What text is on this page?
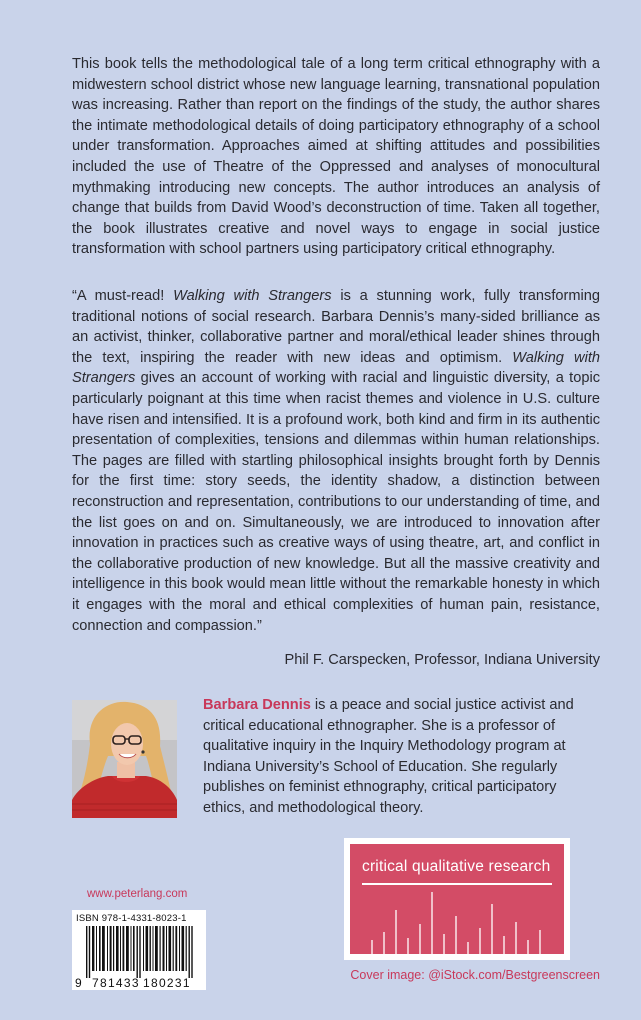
This book tells the methodological tale of a long term critical ethnography with a midwestern school district whose new language learning, transnational population was increasing. Rather than report on the findings of the study, the author shares the intimate methodological details of doing participatory ethnography of a school under transformation. Approaches aimed at shifting attitudes and possibilities included the use of Theatre of the Oppressed and analyses of monocultural mythmaking introducing new concepts. The author introduces an analysis of change that builds from David Wood’s deconstruction of time. Taken all together, the book illustrates creative and novel ways to engage in social justice transformation with school partners using participatory critical ethnography.

“A must-read! Walking with Strangers is a stunning work, fully transforming traditional notions of social research. Barbara Dennis’s many-sided brilliance as an activist, thinker, collaborative partner and moral/ethical leader shines through the text, inspiring the reader with new ideas and optimism. Walking with Strangers gives an account of working with racial and linguistic diversity, a topic particularly poignant at this time when racist themes and violence in U.S. culture have risen and intensified. It is a profound work, both kind and firm in its authentic presentation of complexities, tensions and dilemmas within human relationships. The pages are filled with startling philosophical insights brought forth by Dennis for the first time: story seeds, the identity shadow, a distinction between reconstruction and representation, contributions to our understanding of time, and the list goes on and on. Simultaneously, we are introduced to innovation after innovation in practices such as creative ways of using theatre, art, and conflict in the collaborative production of new knowledge. But all the massive creativity and intelligence in this book would mean little without the remarkable honesty in which it engages with the moral and ethical complexities of human pain, resistance, connection and compassion.”

Phil F. Carspecken, Professor, Indiana University

Barbara Dennis is a peace and social justice activist and critical educational ethnographer. She is a professor of qualitative inquiry in the Inquiry Methodology program at Indiana University’s School of Education. She regularly publishes on feminist ethnography, critical participatory ethics, and methodological theory.

critical qualitative research
www.peterlang.com
ISBN 978-1-4331-8023-1
9 781433 180231
Cover image: @iStock.com/Bestgreenscreen
